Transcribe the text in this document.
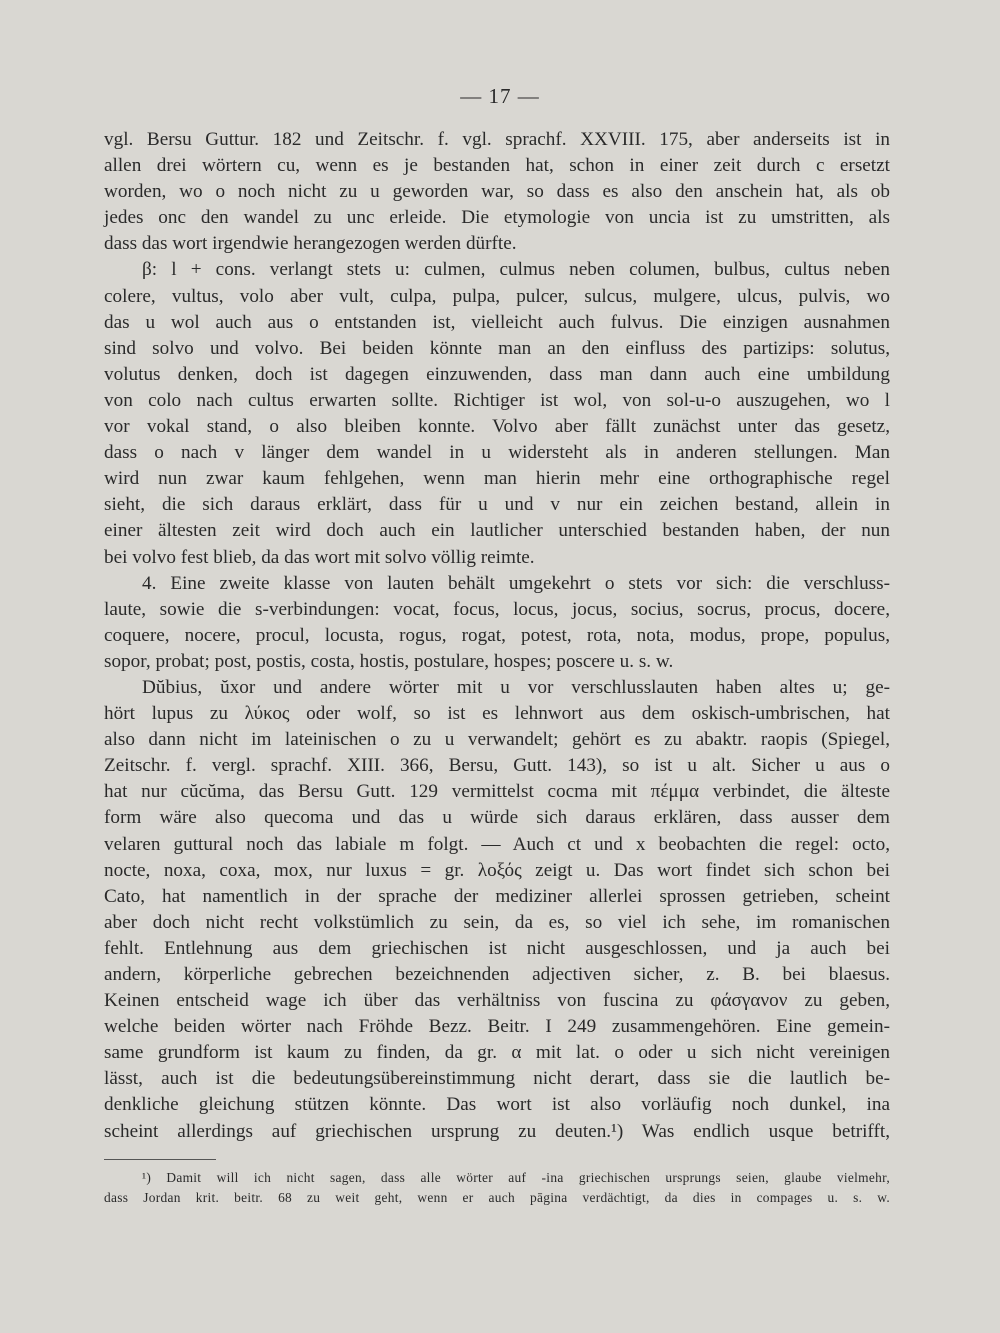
— 17 —
vgl. Bersu Guttur. 182 und Zeitschr. f. vgl. sprachf. XXVIII. 175, aber anderseits ist in
allen drei wörtern cu, wenn es je bestanden hat, schon in einer zeit durch c ersetzt
worden, wo o noch nicht zu u geworden war, so dass es also den anschein hat, als ob
jedes onc den wandel zu unc erleide. Die etymologie von uncia ist zu umstritten, als
dass das wort irgendwie herangezogen werden dürfte.
β: l + cons. verlangt stets u: culmen, culmus neben columen, bulbus, cultus neben
colere, vultus, volo aber vult, culpa, pulpa, pulcer, sulcus, mulgere, ulcus, pulvis, wo
das u wol auch aus o entstanden ist, vielleicht auch fulvus. Die einzigen ausnahmen
sind solvo und volvo. Bei beiden könnte man an den einfluss des partizips: solutus,
volutus denken, doch ist dagegen einzuwenden, dass man dann auch eine umbildung
von colo nach cultus erwarten sollte. Richtiger ist wol, von sol-u-o auszugehen, wo l
vor vokal stand, o also bleiben konnte. Volvo aber fällt zunächst unter das gesetz,
dass o nach v länger dem wandel in u widersteht als in anderen stellungen. Man
wird nun zwar kaum fehlgehen, wenn man hierin mehr eine orthographische regel
sieht, die sich daraus erklärt, dass für u und v nur ein zeichen bestand, allein in
einer ältesten zeit wird doch auch ein lautlicher unterschied bestanden haben, der nun
bei volvo fest blieb, da das wort mit solvo völlig reimte.
4. Eine zweite klasse von lauten behält umgekehrt o stets vor sich: die verschluss-
laute, sowie die s-verbindungen: vocat, focus, locus, jocus, socius, socrus, procus, docere,
coquere, nocere, procul, locusta, rogus, rogat, potest, rota, nota, modus, prope, populus,
sopor, probat; post, postis, costa, hostis, postulare, hospes; poscere u. s. w.
Dŭbius, ŭxor und andere wörter mit u vor verschlusslauten haben altes u; ge-
hört lupus zu λύκος oder wolf, so ist es lehnwort aus dem oskisch-umbrischen, hat
also dann nicht im lateinischen o zu u verwandelt; gehört es zu abaktr. raopis (Spiegel,
Zeitschr. f. vergl. sprachf. XIII. 366, Bersu, Gutt. 143), so ist u alt. Sicher u aus o
hat nur cŭcŭma, das Bersu Gutt. 129 vermittelst cocma mit πέμμα verbindet, die älteste
form wäre also quecoma und das u würde sich daraus erklären, dass ausser dem
velaren guttural noch das labiale m folgt. — Auch ct und x beobachten die regel: octo,
nocte, noxa, coxa, mox, nur luxus = gr. λοξός zeigt u. Das wort findet sich schon bei
Cato, hat namentlich in der sprache der mediziner allerlei sprossen getrieben, scheint
aber doch nicht recht volkstümlich zu sein, da es, so viel ich sehe, im romanischen
fehlt. Entlehnung aus dem griechischen ist nicht ausgeschlossen, und ja auch bei
andern, körperliche gebrechen bezeichnenden adjectiven sicher, z. B. bei blaesus.
Keinen entscheid wage ich über das verhältniss von fuscina zu φάσγανον zu geben,
welche beiden wörter nach Fröhde Bezz. Beitr. I 249 zusammengehören. Eine gemein-
same grundform ist kaum zu finden, da gr. α mit lat. o oder u sich nicht vereinigen
lässt, auch ist die bedeutungsübereinstimmung nicht derart, dass sie die lautlich be-
denkliche gleichung stützen könnte. Das wort ist also vorläufig noch dunkel, ina
scheint allerdings auf griechischen ursprung zu deuten.¹) Was endlich usque betrifft,
¹) Damit will ich nicht sagen, dass alle wörter auf -ina griechischen ursprungs seien, glaube vielmehr,
dass Jordan krit. beitr. 68 zu weit geht, wenn er auch pāgina verdächtigt, da dies in compages u. s. w.
